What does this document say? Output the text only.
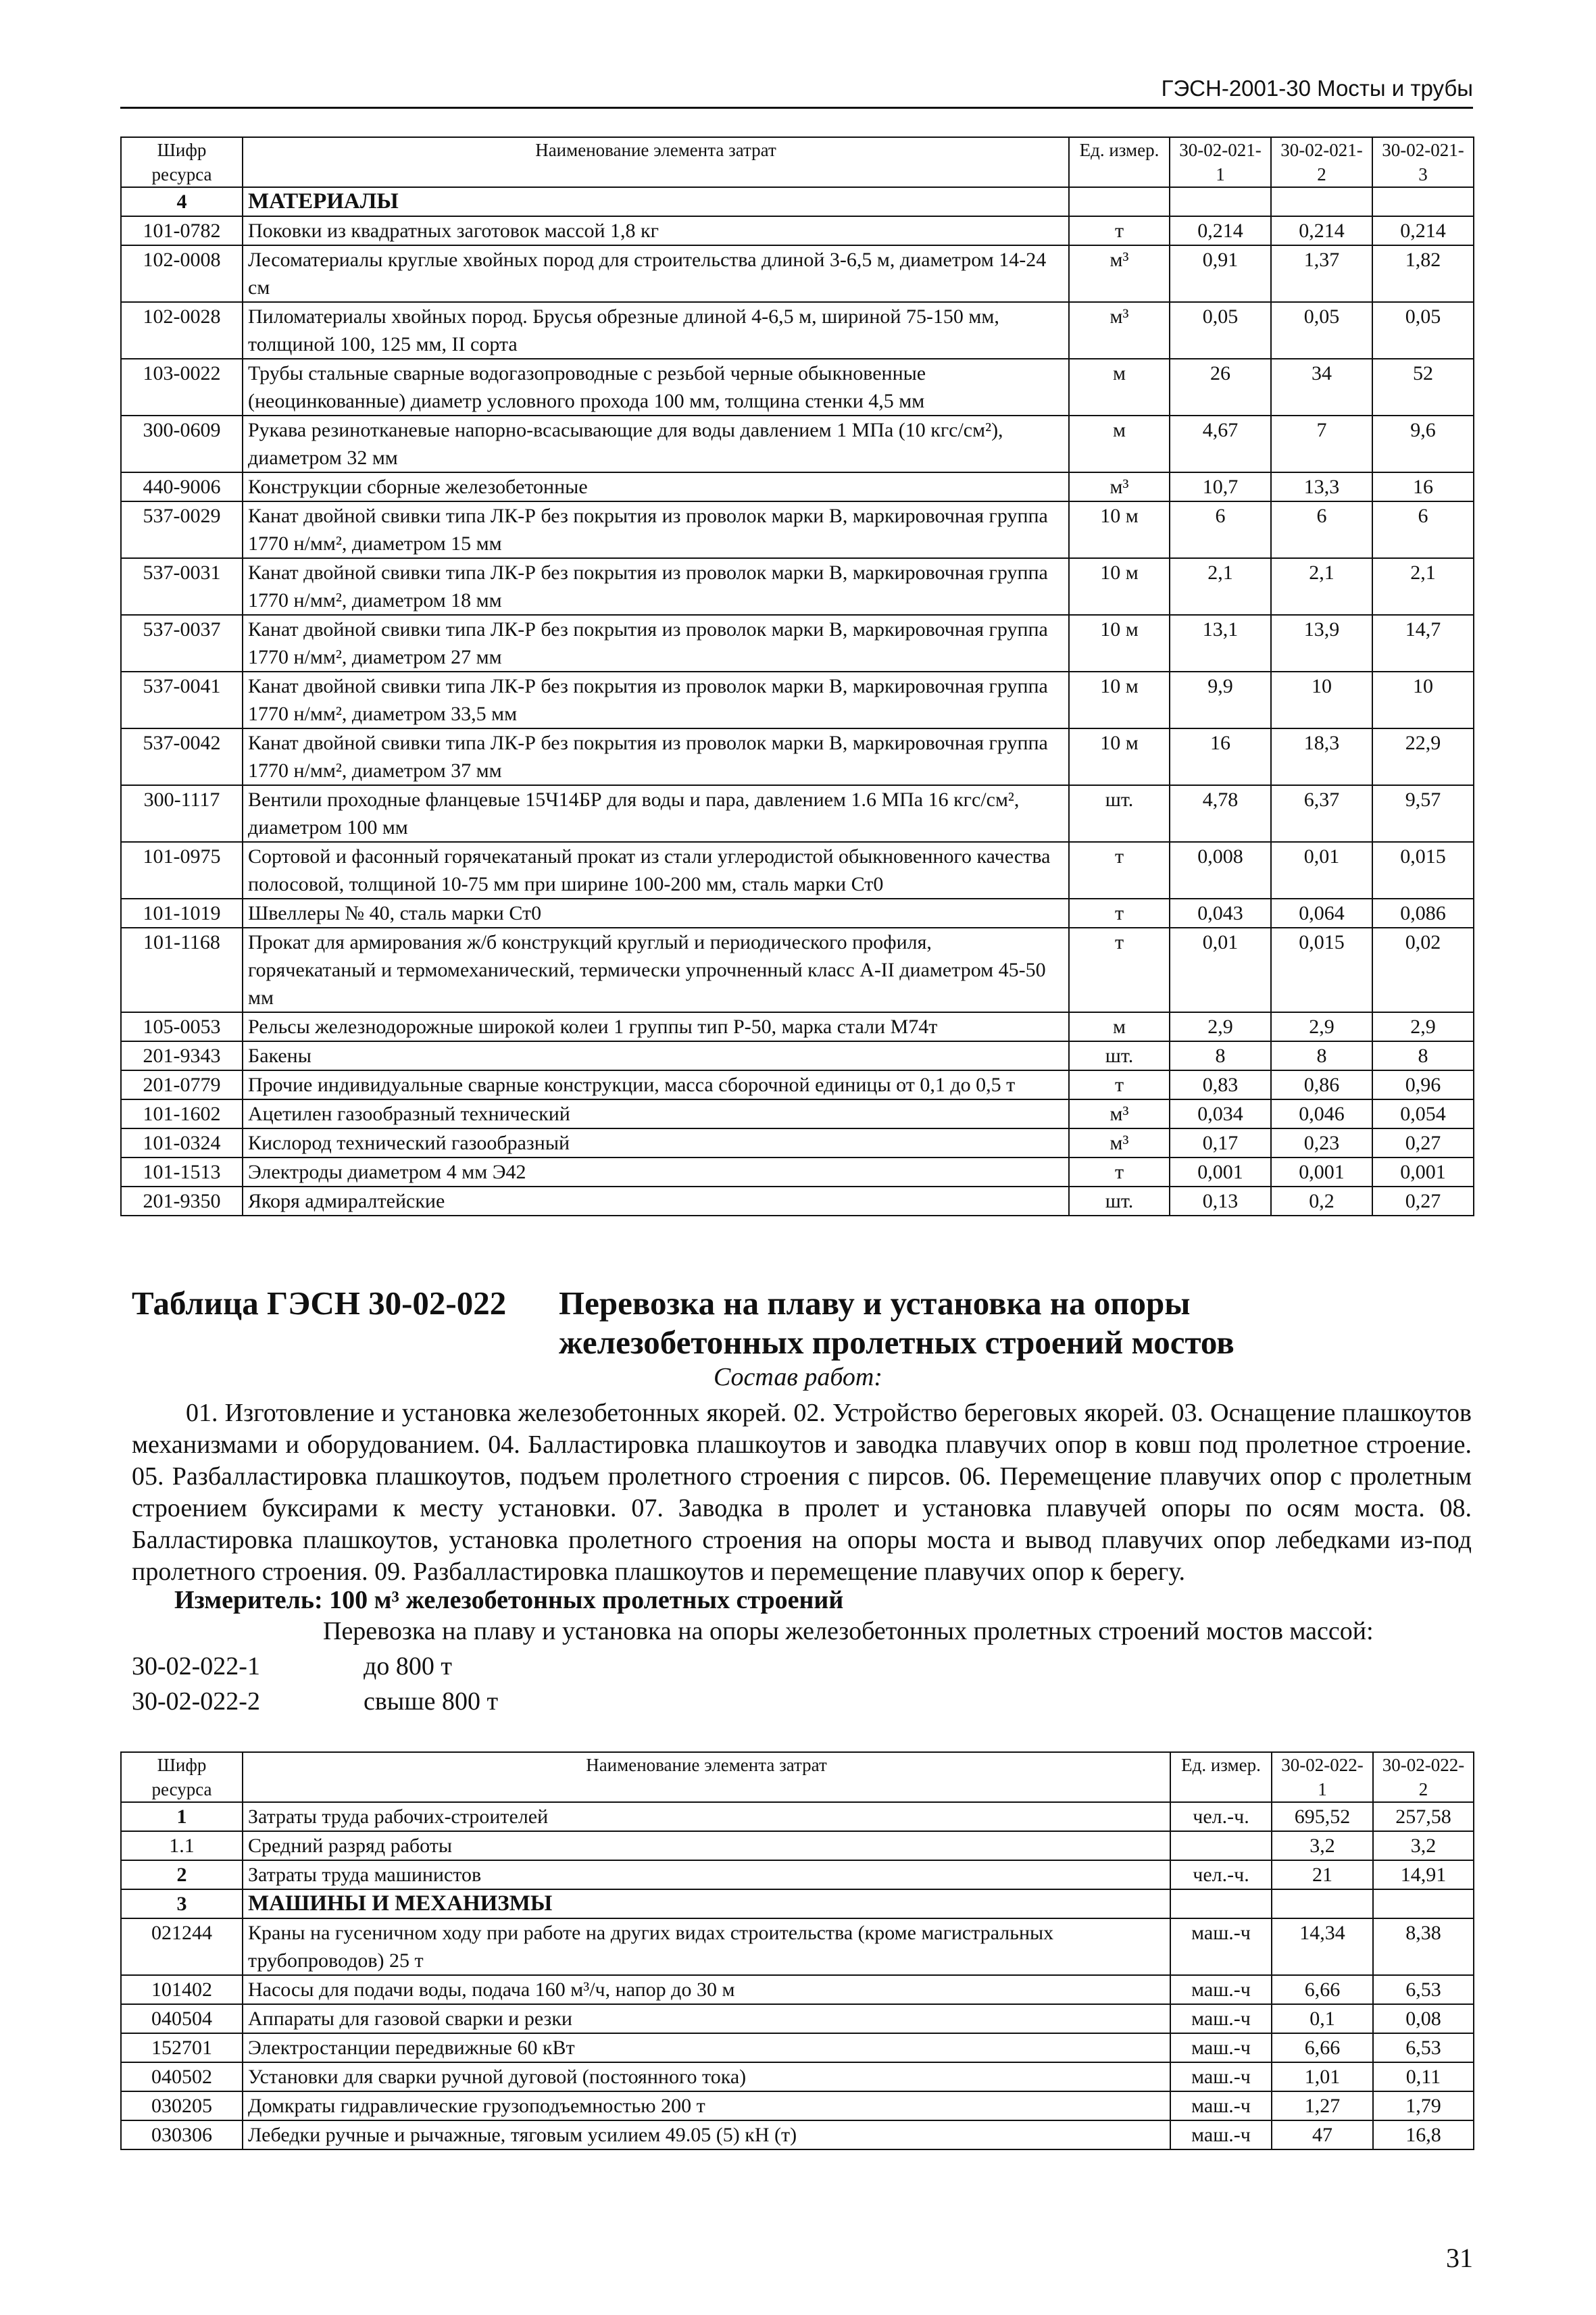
ГЭСН-2001-30 Мосты и трубы
Шифр ресурса	Наименование элемента затрат	Ед. измер.	30-02-021-1	30-02-021-2	30-02-021-3
4	МАТЕРИАЛЫ				
101-0782	Поковки из квадратных заготовок массой 1,8 кг	т	0,214	0,214	0,214
102-0008	Лесоматериалы круглые хвойных пород для строительства длиной 3-6,5 м, диаметром 14-24 см	м³	0,91	1,37	1,82
102-0028	Пиломатериалы хвойных пород. Брусья обрезные длиной 4-6,5 м, шириной 75-150 мм, толщиной 100, 125 мм, II сорта	м³	0,05	0,05	0,05
103-0022	Трубы стальные сварные водогазопроводные с резьбой черные обыкновенные (неоцинкованные) диаметр условного прохода 100 мм, толщина стенки 4,5 мм	м	26	34	52
300-0609	Рукава резинотканевые напорно-всасывающие для воды давлением 1 МПа (10 кгс/см²), диаметром 32 мм	м	4,67	7	9,6
440-9006	Конструкции сборные железобетонные	м³	10,7	13,3	16
537-0029	Канат двойной свивки типа ЛК-Р без покрытия из проволок марки В, маркировочная группа 1770 н/мм², диаметром 15 мм	10 м	6	6	6
537-0031	Канат двойной свивки типа ЛК-Р без покрытия из проволок марки В, маркировочная группа 1770 н/мм², диаметром 18 мм	10 м	2,1	2,1	2,1
537-0037	Канат двойной свивки типа ЛК-Р без покрытия из проволок марки В, маркировочная группа 1770 н/мм², диаметром 27 мм	10 м	13,1	13,9	14,7
537-0041	Канат двойной свивки типа ЛК-Р без покрытия из проволок марки В, маркировочная группа 1770 н/мм², диаметром 33,5 мм	10 м	9,9	10	10
537-0042	Канат двойной свивки типа ЛК-Р без покрытия из проволок марки В, маркировочная группа 1770 н/мм², диаметром 37 мм	10 м	16	18,3	22,9
300-1117	Вентили проходные фланцевые 15Ч14БР для воды и пара, давлением 1.6 МПа 16 кгс/см², диаметром 100 мм	шт.	4,78	6,37	9,57
101-0975	Сортовой и фасонный горячекатаный прокат из стали углеродистой обыкновенного качества полосовой, толщиной 10-75 мм при ширине 100-200 мм, сталь марки Ст0	т	0,008	0,01	0,015
101-1019	Швеллеры № 40, сталь марки Ст0	т	0,043	0,064	0,086
101-1168	Прокат для армирования ж/б конструкций круглый и периодического профиля, горячекатаный и термомеханический, термически упрочненный класс А-II диаметром 45-50 мм	т	0,01	0,015	0,02
105-0053	Рельсы железнодорожные широкой колеи 1 группы тип Р-50, марка стали М74т	м	2,9	2,9	2,9
201-9343	Бакены	шт.	8	8	8
201-0779	Прочие индивидуальные сварные конструкции, масса сборочной единицы от 0,1 до 0,5 т	т	0,83	0,86	0,96
101-1602	Ацетилен газообразный технический	м³	0,034	0,046	0,054
101-0324	Кислород технический газообразный	м³	0,17	0,23	0,27
101-1513	Электроды диаметром 4 мм Э42	т	0,001	0,001	0,001
201-9350	Якоря адмиралтейские	шт.	0,13	0,2	0,27
Таблица ГЭСН 30-02-022 Перевозка на плаву и установка на опоры железобетонных пролетных строений мостов
Состав работ:
01. Изготовление и установка железобетонных якорей. 02. Устройство береговых якорей. 03. Оснащение плашкоутов механизмами и оборудованием. 04. Балластировка плашкоутов и заводка плавучих опор в ковш под пролетное строение. 05. Разбалластировка плашкоутов, подъем пролетного строения с пирсов. 06. Перемещение плавучих опор с пролетным строением буксирами к месту установки. 07. Заводка в пролет и установка плавучей опоры по осям моста. 08. Балластировка плашкоутов, установка пролетного строения на опоры моста и вывод плавучих опор лебедками из-под пролетного строения. 09. Разбалластировка плашкоутов и перемещение плавучих опор к берегу.
Измеритель: 100 м³ железобетонных пролетных строений
Перевозка на плаву и установка на опоры железобетонных пролетных строений мостов массой:
30-02-022-1	до 800 т
30-02-022-2	свыше 800 т
Шифр ресурса	Наименование элемента затрат	Ед. измер.	30-02-022-1	30-02-022-2
1	Затраты труда рабочих-строителей	чел.-ч.	695,52	257,58
1.1	Средний разряд работы		3,2	3,2
2	Затраты труда машинистов	чел.-ч.	21	14,91
3	МАШИНЫ И МЕХАНИЗМЫ			
021244	Краны на гусеничном ходу при работе на других видах строительства (кроме магистральных трубопроводов) 25 т	маш.-ч	14,34	8,38
101402	Насосы для подачи воды, подача 160 м³/ч, напор до 30 м	маш.-ч	6,66	6,53
040504	Аппараты для газовой сварки и резки	маш.-ч	0,1	0,08
152701	Электростанции передвижные 60 кВт	маш.-ч	6,66	6,53
040502	Установки для сварки ручной дуговой (постоянного тока)	маш.-ч	1,01	0,11
030205	Домкраты гидравлические грузоподъемностью 200 т	маш.-ч	1,27	1,79
030306	Лебедки ручные и рычажные, тяговым усилием 49.05 (5) кН (т)	маш.-ч	47	16,8
31
